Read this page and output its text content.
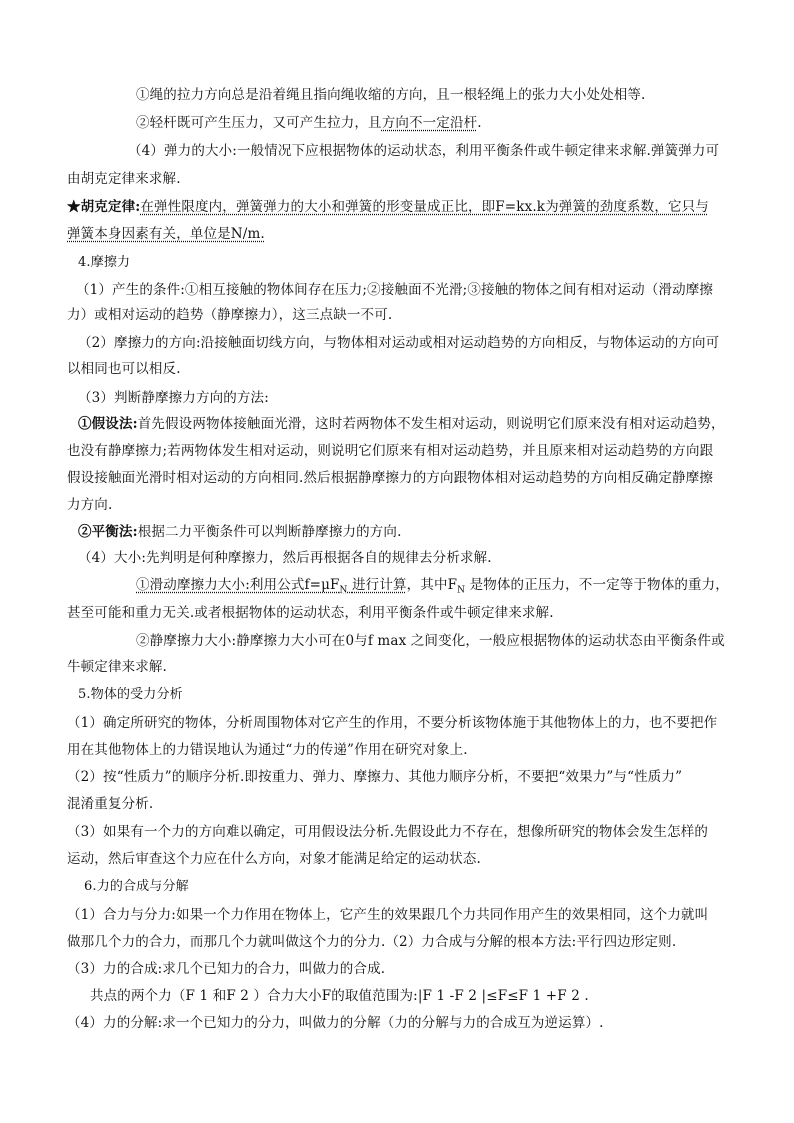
①绳的拉力方向总是沿着绳且指向绳收缩的方向，且一根轻绳上的张力大小处处相等.
②轻杆既可产生压力，又可产生拉力，且方向不一定沿杆.
（4）弹力的大小:一般情况下应根据物体的运动状态，利用平衡条件或牛顿定律来求解.弹簧弹力可
由胡克定律来求解.
★胡克定律:在弹性限度内，弹簧弹力的大小和弹簧的形变量成正比，即F=kx.k为弹簧的劲度系数，它只与
弹簧本身因素有关，单位是N/m.
4.摩擦力
（1）产生的条件:①相互接触的物体间存在压力;②接触面不光滑;③接触的物体之间有相对运动（滑动摩擦
力）或相对运动的趋势（静摩擦力），这三点缺一不可.
（2）摩擦力的方向:沿接触面切线方向，与物体相对运动或相对运动趋势的方向相反，与物体运动的方向可
以相同也可以相反.
（3）判断静摩擦力方向的方法:
①假设法:首先假设两物体接触面光滑，这时若两物体不发生相对运动，则说明它们原来没有相对运动趋势，
也没有静摩擦力;若两物体发生相对运动，则说明它们原来有相对运动趋势，并且原来相对运动趋势的方向跟
假设接触面光滑时相对运动的方向相同.然后根据静摩擦力的方向跟物体相对运动趋势的方向相反确定静摩擦
力方向.
②平衡法:根据二力平衡条件可以判断静摩擦力的方向.
（4）大小:先判明是何种摩擦力，然后再根据各自的规律去分析求解.
①滑动摩擦力大小:利用公式$f=\mu F_N$ 进行计算，其中$F_N$ 是物体的正压力，不一定等于物体的重力，
甚至可能和重力无关.或者根据物体的运动状态，利用平衡条件或牛顿定律来求解.
②静摩擦力大小:静摩擦力大小可在0与f max 之间变化，一般应根据物体的运动状态由平衡条件或
牛顿定律来求解.
5.物体的受力分析
（1）确定所研究的物体，分析周围物体对它产生的作用，不要分析该物体施于其他物体上的力，也不要把作
用在其他物体上的力错误地认为通过“力的传递”作用在研究对象上.
（2）按“性质力”的顺序分析.即按重力、弹力、摩擦力、其他力顺序分析，不要把“效果力”与“性质力”
混淆重复分析.
（3）如果有一个力的方向难以确定，可用假设法分析.先假设此力不存在，想像所研究的物体会发生怎样的
运动，然后审查这个力应在什么方向，对象才能满足给定的运动状态.
6.力的合成与分解
（1）合力与分力:如果一个力作用在物体上，它产生的效果跟几个力共同作用产生的效果相同，这个力就叫
做那几个力的合力，而那几个力就叫做这个力的分力.（2）力合成与分解的根本方法:平行四边形定则.
（3）力的合成:求几个已知力的合力，叫做力的合成.
共点的两个力（F 1 和F 2 ）合力大小F的取值范围为:|F 1 -F 2 |≤F≤F 1 +F 2 .
（4）力的分解:求一个已知力的分力，叫做力的分解（力的分解与力的合成互为逆运算）.
